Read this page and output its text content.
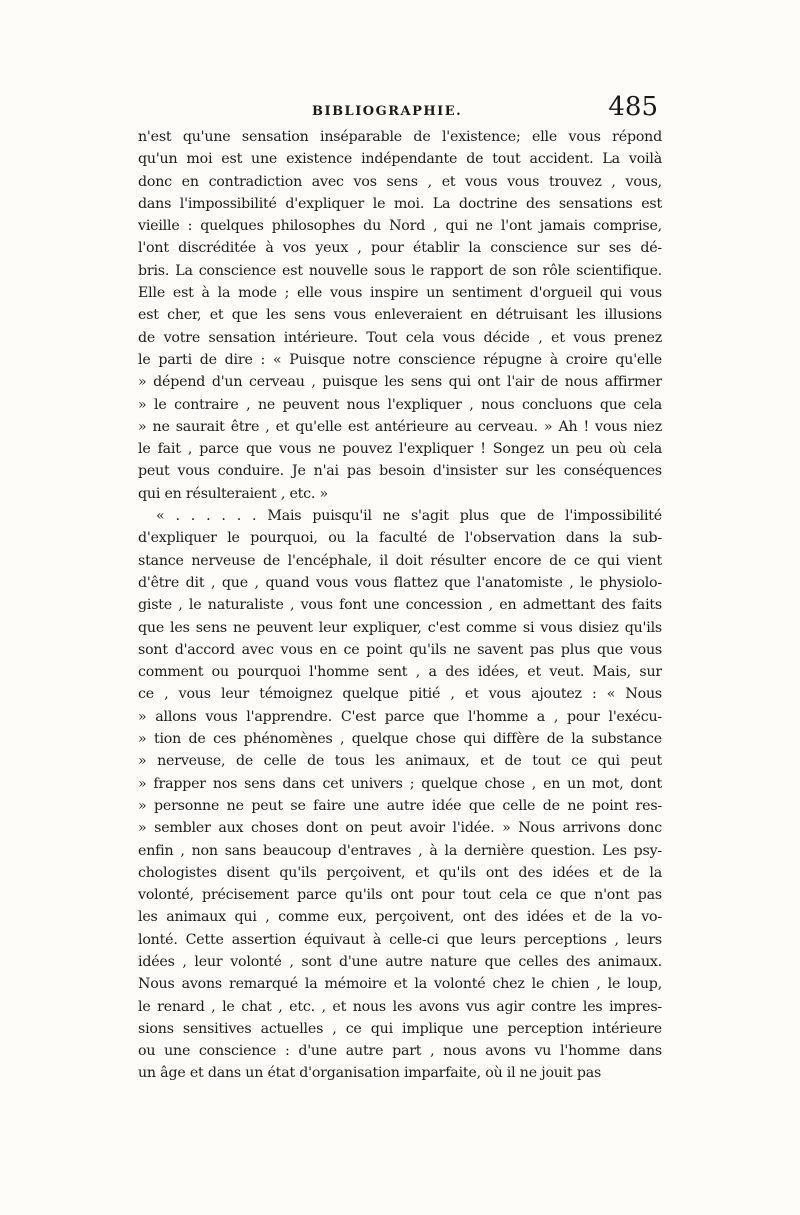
BIBLIOGRAPHIE.	485
n'est qu'une sensation inséparable de l'existence; elle vous répond
qu'un moi est une existence indépendante de tout accident. La voilà
donc en contradiction avec vos sens , et vous vous trouvez , vous,
dans l'impossibilité d'expliquer le moi. La doctrine des sensations est
vieille : quelques philosophes du Nord , qui ne l'ont jamais comprise,
l'ont discréditée à vos yeux , pour établir la conscience sur ses dé-
bris. La conscience est nouvelle sous le rapport de son rôle scientifique.
Elle est à la mode ; elle vous inspire un sentiment d'orgueil qui vous
est cher, et que les sens vous enleveraient en détruisant les illusions
de votre sensation intérieure. Tout cela vous décide , et vous prenez
le parti de dire : « Puisque notre conscience répugne à croire qu'elle
» dépend d'un cerveau , puisque les sens qui ont l'air de nous affirmer
» le contraire , ne peuvent nous l'expliquer , nous concluons que cela
» ne saurait être , et qu'elle est antérieure au cerveau. » Ah ! vous niez
le fait , parce que vous ne pouvez l'expliquer ! Songez un peu où cela
peut vous conduire. Je n'ai pas besoin d'insister sur les conséquences
qui en résulteraient , etc. »
« . . . . . . Mais puisqu'il ne s'agit plus que de l'impossibilité
d'expliquer le pourquoi, ou la faculté de l'observation dans la sub-
stance nerveuse de l'encéphale, il doit résulter encore de ce qui vient
d'être dit , que , quand vous vous flattez que l'anatomiste , le physiolo-
giste , le naturaliste , vous font une concession , en admettant des faits
que les sens ne peuvent leur expliquer, c'est comme si vous disiez qu'ils
sont d'accord avec vous en ce point qu'ils ne savent pas plus que vous
comment ou pourquoi l'homme sent , a des idées, et veut. Mais, sur
ce , vous leur témoignez quelque pitié , et vous ajoutez : « Nous
» allons vous l'apprendre. C'est parce que l'homme a , pour l'exécu-
» tion de ces phénomènes , quelque chose qui diffère de la substance
» nerveuse, de celle de tous les animaux, et de tout ce qui peut
» frapper nos sens dans cet univers ; quelque chose , en un mot, dont
» personne ne peut se faire une autre idée que celle de ne point res-
» sembler aux choses dont on peut avoir l'idée. » Nous arrivons donc
enfin , non sans beaucoup d'entraves , à la dernière question. Les psy-
chologistes disent qu'ils perçoivent, et qu'ils ont des idées et de la
volonté, précisement parce qu'ils ont pour tout cela ce que n'ont pas
les animaux qui , comme eux, perçoivent, ont des idées et de la vo-
lonté. Cette assertion équivaut à celle-ci que leurs perceptions , leurs
idées , leur volonté , sont d'une autre nature que celles des animaux.
Nous avons remarqué la mémoire et la volonté chez le chien , le loup,
le renard , le chat , etc. , et nous les avons vus agir contre les impres-
sions sensitives actuelles , ce qui implique une perception intérieure
ou une conscience : d'une autre part , nous avons vu l'homme dans
un âge et dans un état d'organisation imparfaite, où il ne jouit pas
